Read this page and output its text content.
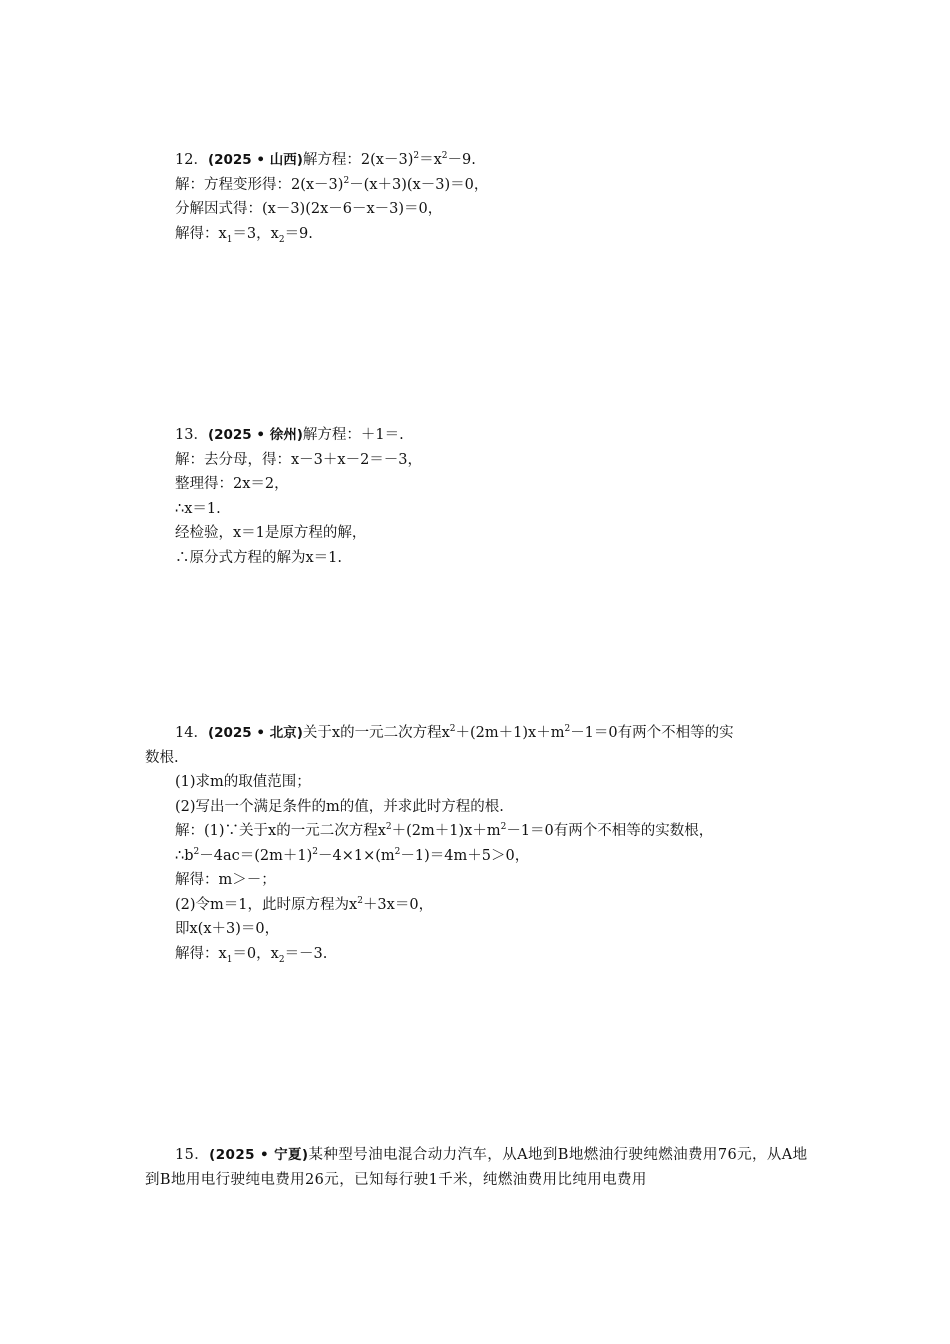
12．(2025 • 山西)解方程：$2(x-3)^2=x^2-9$.
解：方程变形得：$2(x-3)^2-(x+3)(x-3)=0$，
分解因式得：(x－3)(2x－6－x－3)＝0，
解得：$x_1=3$，$x_2=9$.
13．(2025 • 徐州)解方程：＋1＝.
解：去分母，得：x－3＋x－2＝－3，
整理得：2x＝2，
∴x＝1.
经检验，x＝1是原方程的解，
∴原分式方程的解为x＝1.
14．(2025 • 北京)关于x的一元二次方程$x^2+(2m+1)x+m^2-1=0$有两个不相等的实
数根.
(1)求m的取值范围；
(2)写出一个满足条件的m的值，并求此时方程的根.
解：(1)∵关于x的一元二次方程$x^2+(2m+1)x+m^2-1=0$有两个不相等的实数根，
$\therefore b^2-4ac=(2m+1)^2-4\times 1\times(m^2-1)=4m+5>0$，
解得：m＞－；
(2)令m＝1，此时原方程为$x^2+3x=0$，
即x(x＋3)＝0，
解得：$x_1=0$，$x_2=-3$.
15．(2025 • 宁夏)某种型号油电混合动力汽车，从A地到B地燃油行驶纯燃油费用76元，从A地到B地用电行驶纯电费用26元，已知每行驶1千米，纯燃油费用比纯用电费用
